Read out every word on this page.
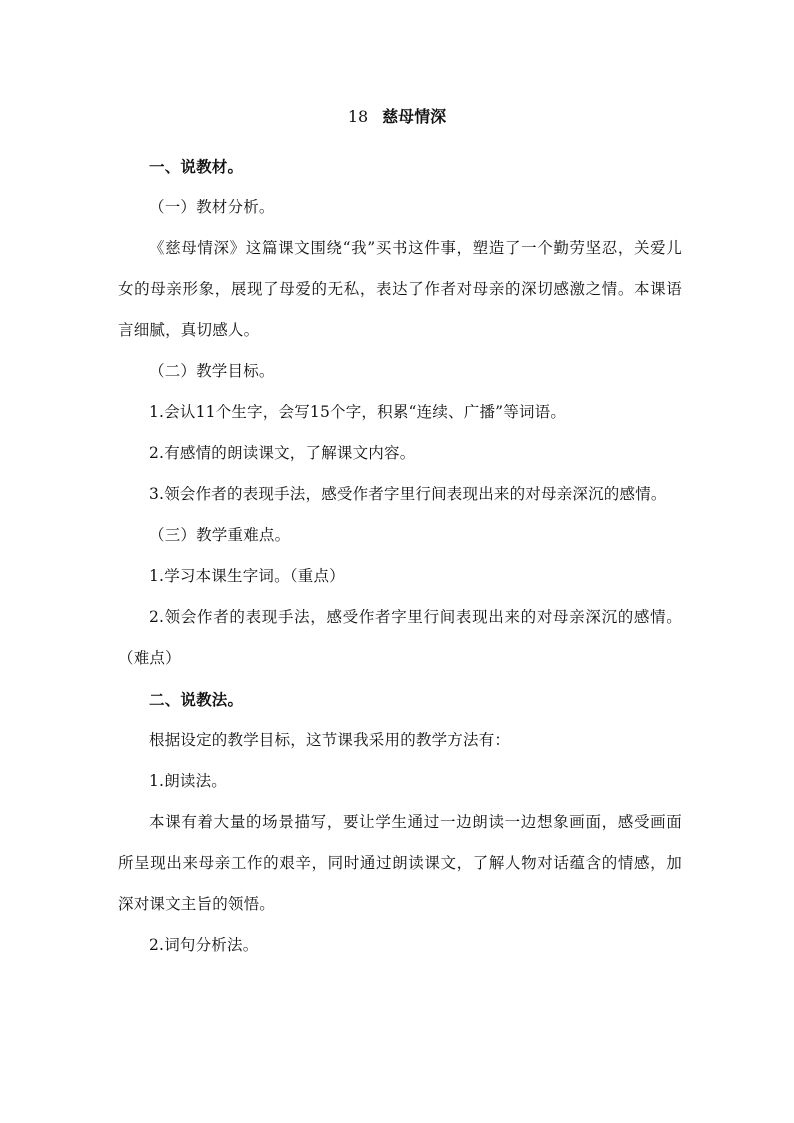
18 慈母情深

一、说教材。

（一）教材分析。

《慈母情深》这篇课文围绕“我”买书这件事，塑造了一个勤劳坚忍，关爱儿女的母亲形象，展现了母爱的无私，表达了作者对母亲的深切感激之情。本课语言细腻，真切感人。

（二）教学目标。

1.会认11个生字，会写15个字，积累“连续、广播”等词语。

2.有感情的朗读课文，了解课文内容。

3.领会作者的表现手法，感受作者字里行间表现出来的对母亲深沉的感情。

（三）教学重难点。

1.学习本课生字词。（重点）

2.领会作者的表现手法，感受作者字里行间表现出来的对母亲深沉的感情。（难点）

二、说教法。

根据设定的教学目标，这节课我采用的教学方法有：

1.朗读法。

本课有着大量的场景描写，要让学生通过一边朗读一边想象画面，感受画面所呈现出来母亲工作的艰辛，同时通过朗读课文，了解人物对话蕴含的情感，加深对课文主旨的领悟。

2.词句分析法。
